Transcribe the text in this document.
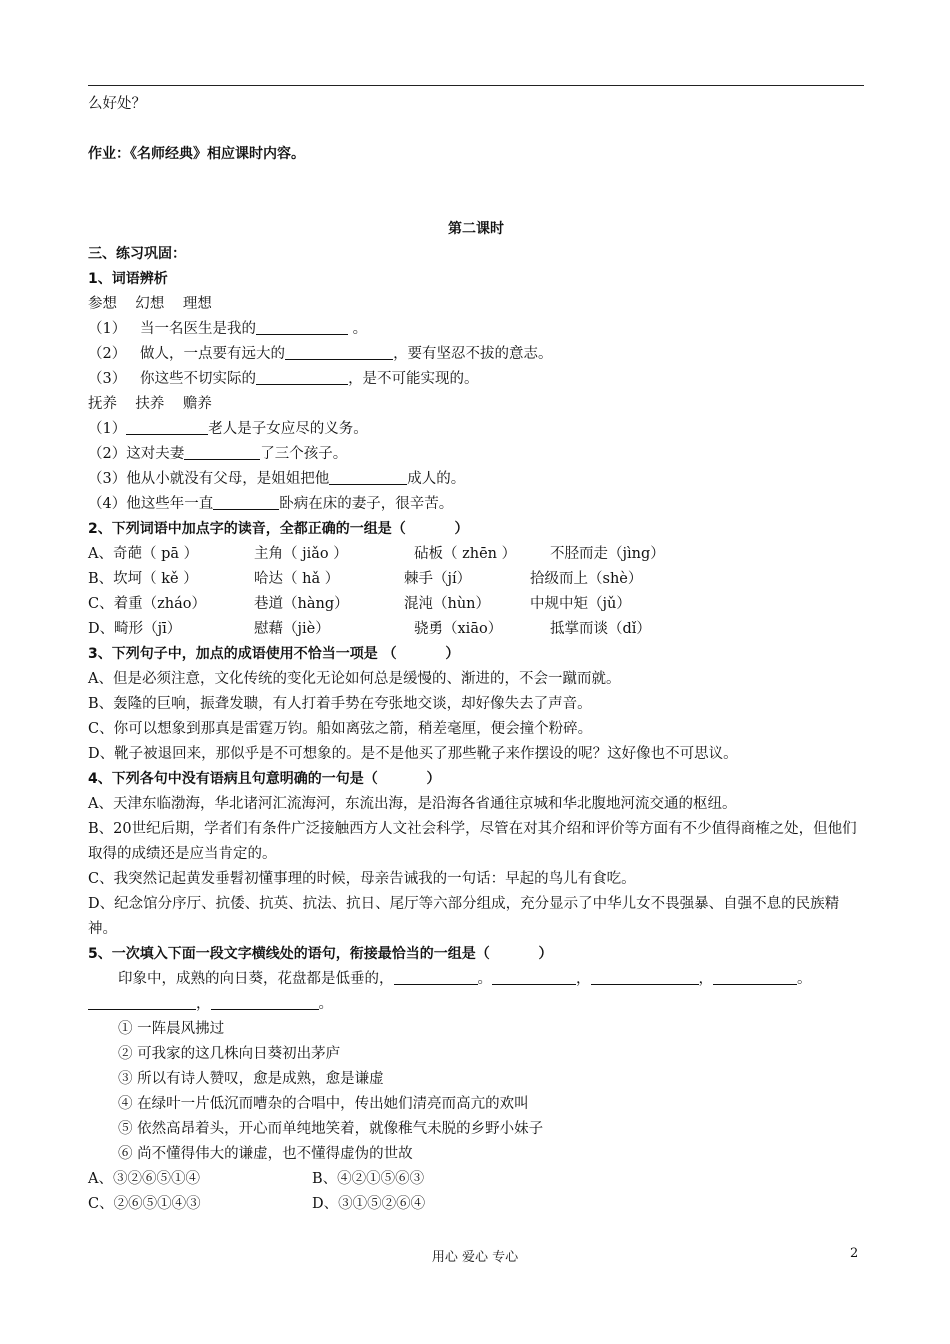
么好处？
作业：《名师经典》相应课时内容。
第二课时
三、练习巩固：
1、词语辨析
参想    幻想    理想
（1）   当一名医生是我的	。
（2）   做人，一点要有远大的	，要有坚忍不拔的意志。
（3）   你这些不切实际的	，是不可能实现的。
抚养    扶养    赡养
（1）	老人是子女应尽的义务。
（2）这对夫妻	了三个孩子。
（3）他从小就没有父母，是姐姐把他	成人的。
（4）他这些年一直	卧病在床的妻子，很辛苦。
2、下列词语中加点字的读音，全都正确的一组是（          ）
A、奇葩（ pā ）	主角（ jiǎo ）	砧板（ zhēn ） 不胫而走（jìng）
B、坎坷（ kě ）	哈达（ hǎ ）	棘手（jí）	拾级而上（shè）
C、着重（zháo）	巷道（hàng）	混沌（hùn）	中规中矩（jǔ）
D、畸形（jī）	慰藉（jiè）	骁勇（xiāo）	抵掌而谈（dǐ）
3、下列句子中，加点的成语使用不恰当一项是 （          ）
A、但是必须注意，文化传统的变化无论如何总是缓慢的、渐进的，不会一蹴而就。
B、轰隆的巨响，振聋发聩，有人打着手势在夸张地交谈，却好像失去了声音。
C、你可以想象到那真是雷霆万钧。船如离弦之箭，稍差毫厘，便会撞个粉碎。
D、靴子被退回来，那似乎是不可想象的。是不是他买了那些靴子来作摆设的呢？这好像也不可思议。
4、下列各句中没有语病且句意明确的一句是（          ）
A、天津东临渤海，华北诸河汇流海河，东流出海，是沿海各省通往京城和华北腹地河流交通的枢纽。
B、20世纪后期，学者们有条件广泛接触西方人文社会科学，尽管在对其介绍和评价等方面有不少值得商榷之处，但他们取得的成绩还是应当肯定的。
C、我突然记起黄发垂髫初懂事理的时候，母亲告诫我的一句话：早起的鸟儿有食吃。
D、纪念馆分序厅、抗倭、抗英、抗法、抗日、尾厅等六部分组成，充分显示了中华儿女不畏强暴、自强不息的民族精神。
5、一次填入下面一段文字横线处的语句，衔接最恰当的一组是（          ）
印象中，成熟的向日葵，花盘都是低垂的，	。	，	，	。
，	。
① 一阵晨风拂过
② 可我家的这几株向日葵初出茅庐
③ 所以有诗人赞叹，愈是成熟，愈是谦虚
④ 在绿叶一片低沉而嘈杂的合唱中，传出她们清亮而高亢的欢叫
⑤ 依然高昂着头，开心而单纯地笑着，就像稚气未脱的乡野小妹子
⑥ 尚不懂得伟大的谦虚，也不懂得虚伪的世故
A、③②⑥⑤①④	B、④②①⑤⑥③
C、②⑥⑤①④③	D、③①⑤②⑥④
用心 爱心 专心	2
